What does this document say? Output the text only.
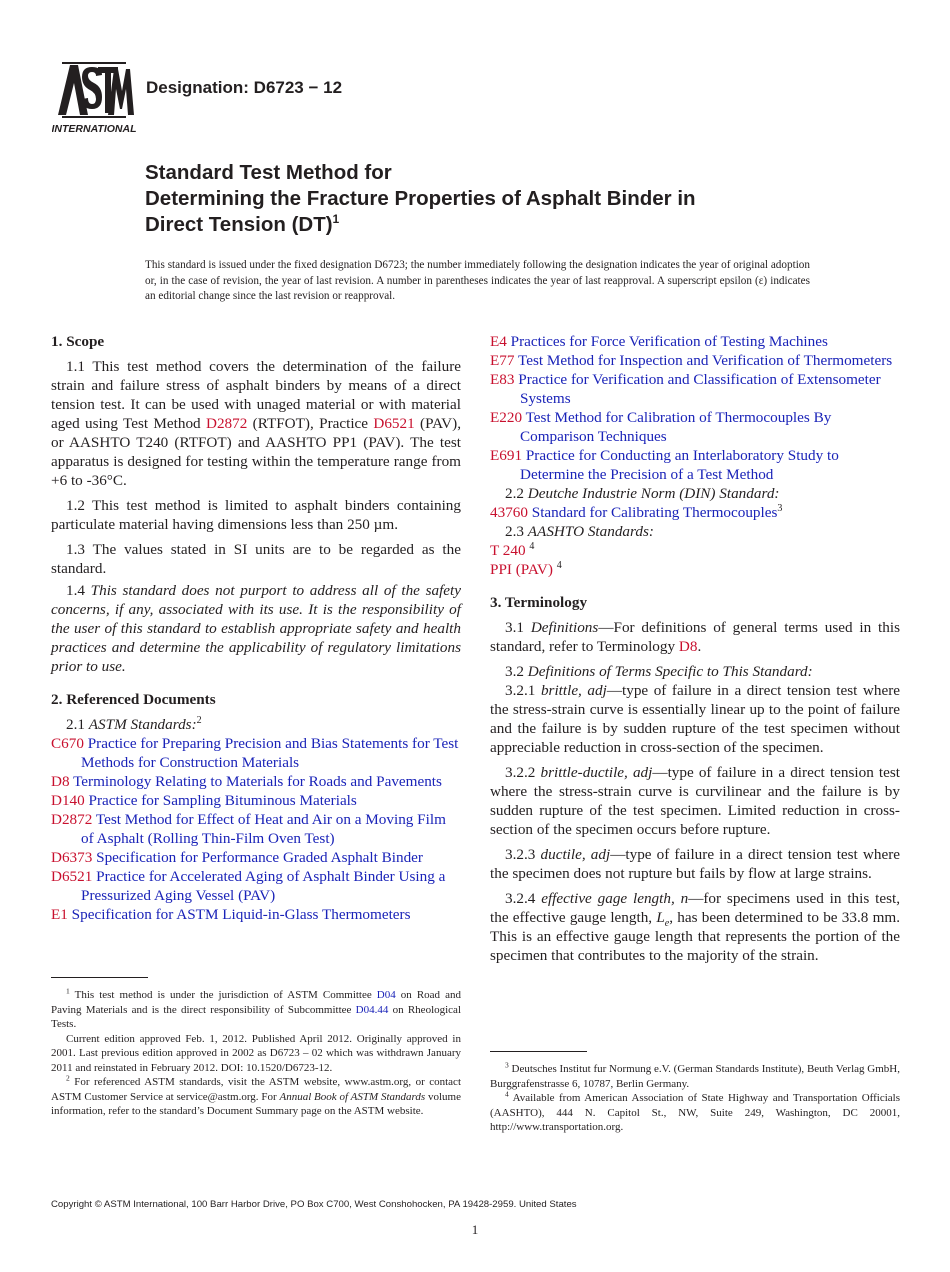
INTERNATIONAL
Designation: D6723 − 12
Standard Test Method for
Determining the Fracture Properties of Asphalt Binder in
Direct Tension (DT)$^1$
This standard is issued under the fixed designation D6723; the number immediately following the designation indicates the year of original adoption or, in the case of revision, the year of last revision. A number in parentheses indicates the year of last reapproval. A superscript epsilon (ε) indicates an editorial change since the last revision or reapproval.

1. Scope

1.1 This test method covers the determination of the failure strain and failure stress of asphalt binders by means of a direct tension test. It can be used with unaged material or with material aged using Test Method D2872 (RTFOT), Practice D6521 (PAV), or AASHTO T240 (RTFOT) and AASHTO PP1 (PAV). The test apparatus is designed for testing within the temperature range from +6 to -36°C.

1.2 This test method is limited to asphalt binders containing particulate material having dimensions less than 250 µm.

1.3 The values stated in SI units are to be regarded as the standard.

1.4 This standard does not purport to address all of the safety concerns, if any, associated with its use. It is the responsibility of the user of this standard to establish appropriate safety and health practices and determine the applicability of regulatory limitations prior to use.

2. Referenced Documents

2.1 ASTM Standards:$^2$

C670 Practice for Preparing Precision and Bias Statements for Test Methods for Construction Materials

D8 Terminology Relating to Materials for Roads and Pavements

D140 Practice for Sampling Bituminous Materials

D2872 Test Method for Effect of Heat and Air on a Moving Film of Asphalt (Rolling Thin-Film Oven Test)

D6373 Specification for Performance Graded Asphalt Binder

D6521 Practice for Accelerated Aging of Asphalt Binder Using a Pressurized Aging Vessel (PAV)

E1 Specification for ASTM Liquid-in-Glass Thermometers

E4 Practices for Force Verification of Testing Machines

E77 Test Method for Inspection and Verification of Thermometers

E83 Practice for Verification and Classification of Extensometer Systems

E220 Test Method for Calibration of Thermocouples By Comparison Techniques

E691 Practice for Conducting an Interlaboratory Study to Determine the Precision of a Test Method

2.2 Deutche Industrie Norm (DIN) Standard:

43760 Standard for Calibrating Thermocouples$^3$

2.3 AASHTO Standards:

T 240 $^4$

PPI (PAV) $^4$

3. Terminology

3.1 Definitions—For definitions of general terms used in this standard, refer to Terminology D8.

3.2 Definitions of Terms Specific to This Standard:

3.2.1 brittle, adj—type of failure in a direct tension test where the stress-strain curve is essentially linear up to the point of failure and the failure is by sudden rupture of the test specimen without appreciable reduction in cross-section of the specimen.

3.2.2 brittle-ductile, adj—type of failure in a direct tension test where the stress-strain curve is curvilinear and the failure is by sudden rupture of the test specimen. Limited reduction in cross-section of the specimen occurs before rupture.

3.2.3 ductile, adj—type of failure in a direct tension test where the specimen does not rupture but fails by flow at large strains.

3.2.4 effective gage length, n—for specimens used in this test, the effective gauge length, $L_e$, has been determined to be 33.8 mm. This is an effective gauge length that represents the portion of the specimen that contributes to the majority of the strain.

$^1$ This test method is under the jurisdiction of ASTM Committee D04 on Road and Paving Materials and is the direct responsibility of Subcommittee D04.44 on Rheological Tests.

Current edition approved Feb. 1, 2012. Published April 2012. Originally approved in 2001. Last previous edition approved in 2002 as D6723 – 02 which was withdrawn January 2011 and reinstated in February 2012. DOI: 10.1520/D6723-12.

$^2$ For referenced ASTM standards, visit the ASTM website, www.astm.org, or contact ASTM Customer Service at service@astm.org. For Annual Book of ASTM Standards volume information, refer to the standard’s Document Summary page on the ASTM website.

$^3$ Deutsches Institut fur Normung e.V. (German Standards Institute), Beuth Verlag GmbH, Burggrafenstrasse 6, 10787, Berlin Germany.

$^4$ Available from American Association of State Highway and Transportation Officials (AASHTO), 444 N. Capitol St., NW, Suite 249, Washington, DC 20001, http://www.transportation.org.

Copyright © ASTM International, 100 Barr Harbor Drive, PO Box C700, West Conshohocken, PA 19428-2959. United States
1
